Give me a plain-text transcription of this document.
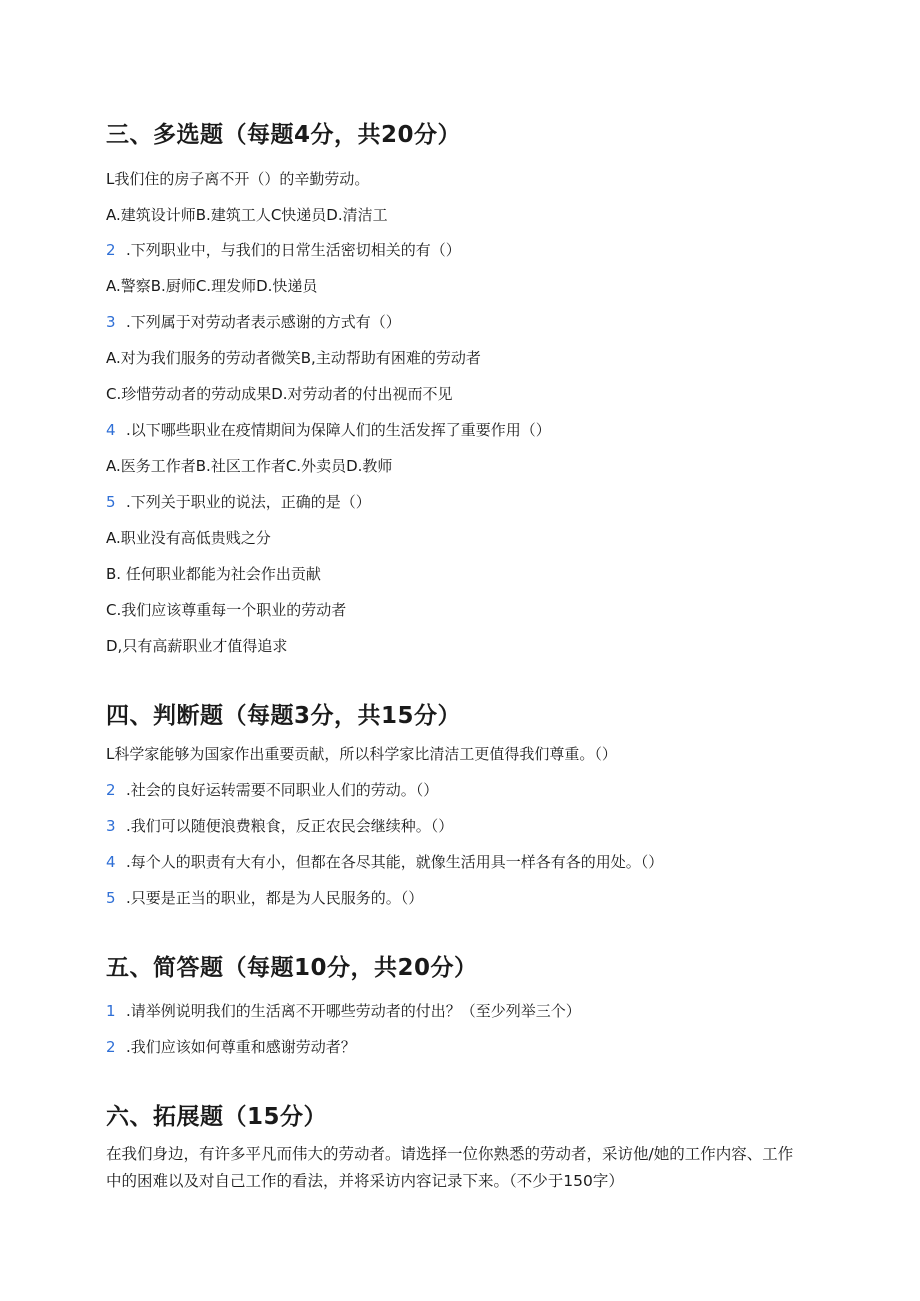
三、多选题（每题4分，共20分）
L我们住的房子离不开（）的辛勤劳动。
A.建筑设计师B.建筑工人C快递员D.清洁工
2 .下列职业中，与我们的日常生活密切相关的有（）
A.警察B.厨师C.理发师D.快递员
3 .下列属于对劳动者表示感谢的方式有（）
A.对为我们服务的劳动者微笑B,主动帮助有困难的劳动者
C.珍惜劳动者的劳动成果D.对劳动者的付出视而不见
4 .以下哪些职业在疫情期间为保障人们的生活发挥了重要作用（）
A.医务工作者B.社区工作者C.外卖员D.教师
5 .下列关于职业的说法，正确的是（）
A.职业没有高低贵贱之分
B. 任何职业都能为社会作出贡献
C.我们应该尊重每一个职业的劳动者
D,只有高薪职业才值得追求
四、判断题（每题3分，共15分）
L科学家能够为国家作出重要贡献，所以科学家比清洁工更值得我们尊重。（）
2 .社会的良好运转需要不同职业人们的劳动。（）
3 .我们可以随便浪费粮食，反正农民会继续种。（）
4 .每个人的职责有大有小，但都在各尽其能，就像生活用具一样各有各的用处。（）
5 .只要是正当的职业，都是为人民服务的。（）
五、简答题（每题10分，共20分）
1 .请举例说明我们的生活离不开哪些劳动者的付出？（至少列举三个）
2 .我们应该如何尊重和感谢劳动者？
六、拓展题（15分）
在我们身边，有许多平凡而伟大的劳动者。请选择一位你熟悉的劳动者，采访他/她的工作内容、工作中的困难以及对自己工作的看法，并将采访内容记录下来。（不少于150字）
